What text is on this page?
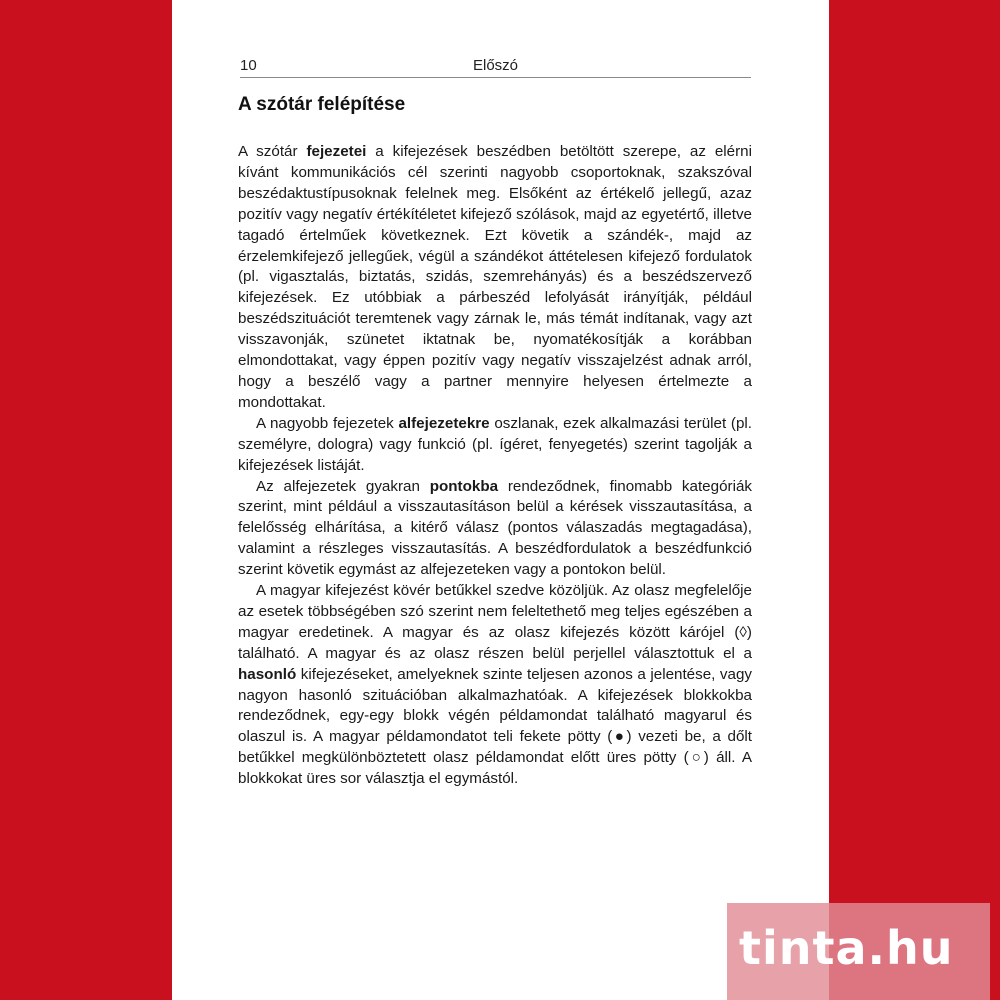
10	Előszó
A szótár felépítése

A szótár fejezetei a kifejezések beszédben betöltött szerepe, az elérni kívánt kommunikációs cél szerinti nagyobb csoportoknak, szakszóval beszédaktustípusoknak felelnek meg. Elsőként az értékelő jellegű, azaz pozitív vagy negatív értékítéletet kifejező szólások, majd az egyetértő, illetve tagadó értelműek következnek. Ezt követik a szándék-, majd az érzelemkifejező jellegűek, végül a szándékot áttételesen kifejező fordulatok (pl. vigasztalás, biztatás, szidás, szemrehányás) és a beszédszervező kifejezések. Ez utóbbiak a párbeszéd lefolyását irányítják, például beszédszituációt teremtenek vagy zárnak le, más témát indítanak, vagy azt visszavonják, szünetet iktatnak be, nyomatékosítják a korábban elmondottakat, vagy éppen pozitív vagy negatív visszajelzést adnak arról, hogy a beszélő vagy a partner mennyire helyesen értelmezte a mondottakat.

A nagyobb fejezetek alfejezetekre oszlanak, ezek alkalmazási terület (pl. személyre, dologra) vagy funkció (pl. ígéret, fenyegetés) szerint tagolják a kifejezések listáját.

Az alfejezetek gyakran pontokba rendeződnek, finomabb kategóriák szerint, mint például a visszautasításon belül a kérések visszautasítása, a felelősség elhárítása, a kitérő válasz (pontos válaszadás megtagadása), valamint a részleges visszautasítás. A beszédfordulatok a beszédfunkció szerint követik egymást az alfejezeteken vagy a pontokon belül.

A magyar kifejezést kövér betűkkel szedve közöljük. Az olasz megfelelője az esetek többségében szó szerint nem feleltethető meg teljes egészében a magyar eredetinek. A magyar és az olasz kifejezés között kárójel (◊) található. A magyar és az olasz részen belül perjellel választottuk el a hasonló kifejezéseket, amelyeknek szinte teljesen azonos a jelentése, vagy nagyon hasonló szituációban alkalmazhatóak. A kifejezések blokkokba rendeződnek, egy-egy blokk végén példamondat található magyarul és olaszul is. A magyar példamondatot teli fekete pötty (●) vezeti be, a dőlt betűkkel megkülönböztetett olasz példamondat előtt üres pötty (○) áll. A blokkokat üres sor választja el egymástól.

tinta.hu
